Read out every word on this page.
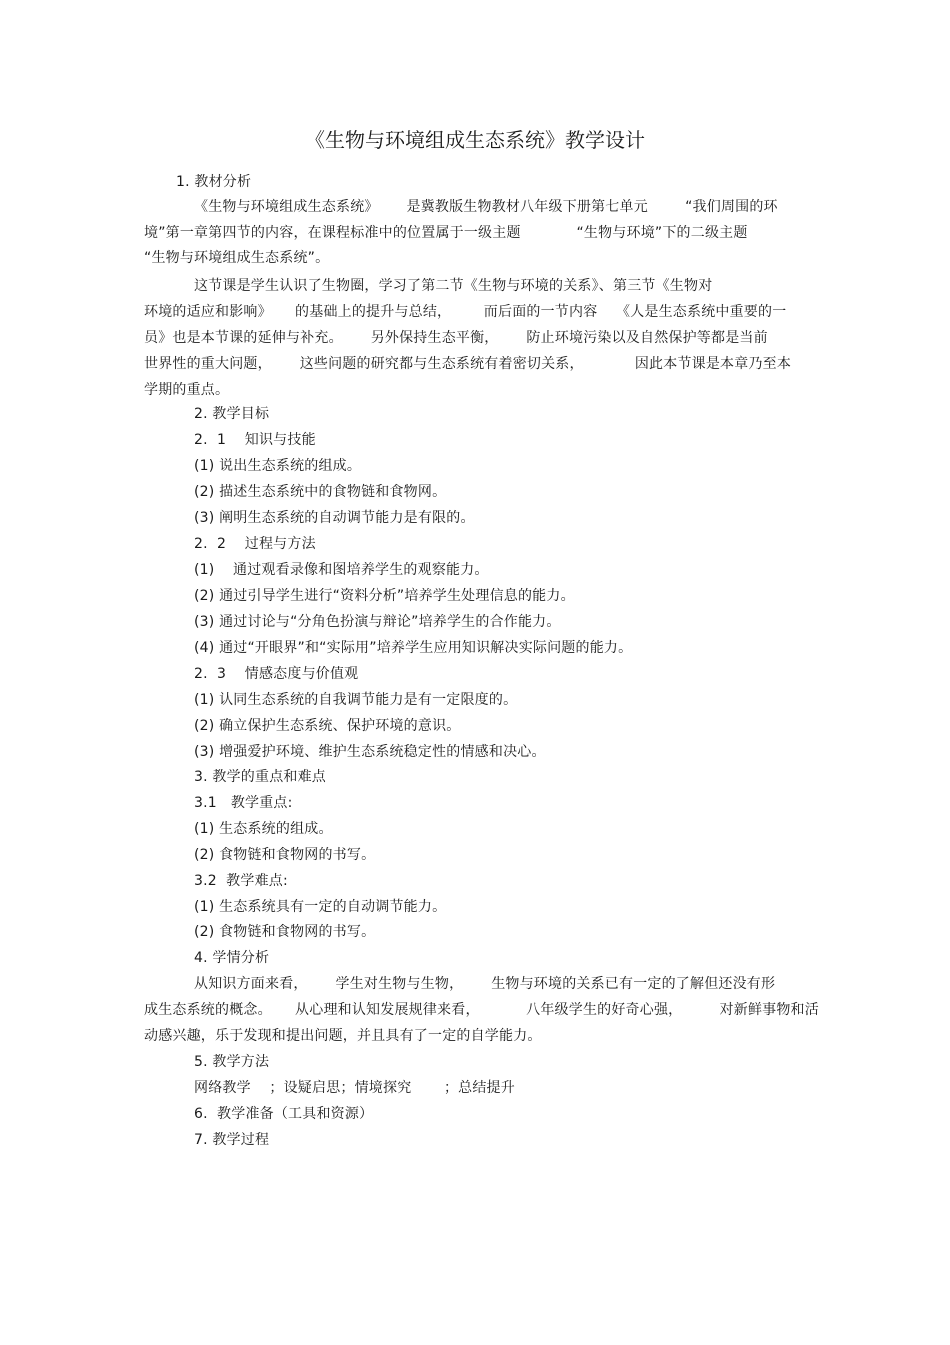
《生物与环境组成生态系统》教学设计
1. 教材分析
《生物与环境组成生态系统》      是冀教版生物教材八年级下册第七单元        “我们周围的环
境”第一章第四节的内容，在课程标准中的位置属于一级主题            “生物与环境”下的二级主题
“生物与环境组成生态系统”。
这节课是学生认识了生物圈，学习了第二节《生物与环境的关系》、第三节《生物对
环境的适应和影响》     的基础上的提升与总结，       而后面的一节内容    《人是生态系统中重要的一
员》也是本节课的延伸与补充。      另外保持生态平衡，      防止环境污染以及自然保护等都是当前
世界性的重大问题，      这些问题的研究都与生态系统有着密切关系，           因此本节课是本章乃至本
学期的重点。
2. 教学目标
2.  1    知识与技能
(1) 说出生态系统的组成。
(2) 描述生态系统中的食物链和食物网。
(3) 阐明生态系统的自动调节能力是有限的。
2.  2    过程与方法
(1)    通过观看录像和图培养学生的观察能力。
(2) 通过引导学生进行“资料分析”培养学生处理信息的能力。
(3) 通过讨论与“分角色扮演与辩论”培养学生的合作能力。
(4) 通过“开眼界”和“实际用”培养学生应用知识解决实际问题的能力。
2.  3    情感态度与价值观
(1) 认同生态系统的自我调节能力是有一定限度的。
(2) 确立保护生态系统、保护环境的意识。
(3) 增强爱护环境、维护生态系统稳定性的情感和决心。
3. 教学的重点和难点
3.1   教学重点:
(1) 生态系统的组成。
(2) 食物链和食物网的书写。
3.2  教学难点:
(1) 生态系统具有一定的自动调节能力。
(2) 食物链和食物网的书写。
4. 学情分析
从知识方面来看，      学生对生物与生物，      生物与环境的关系已有一定的了解但还没有形
成生态系统的概念。     从心理和认知发展规律来看，          八年级学生的好奇心强，        对新鲜事物和活
动感兴趣，乐于发现和提出问题，并且具有了一定的自学能力。
5. 教学方法
网络教学    ；设疑启思；情境探究       ；总结提升
6.  教学准备（工具和资源）
7. 教学过程
